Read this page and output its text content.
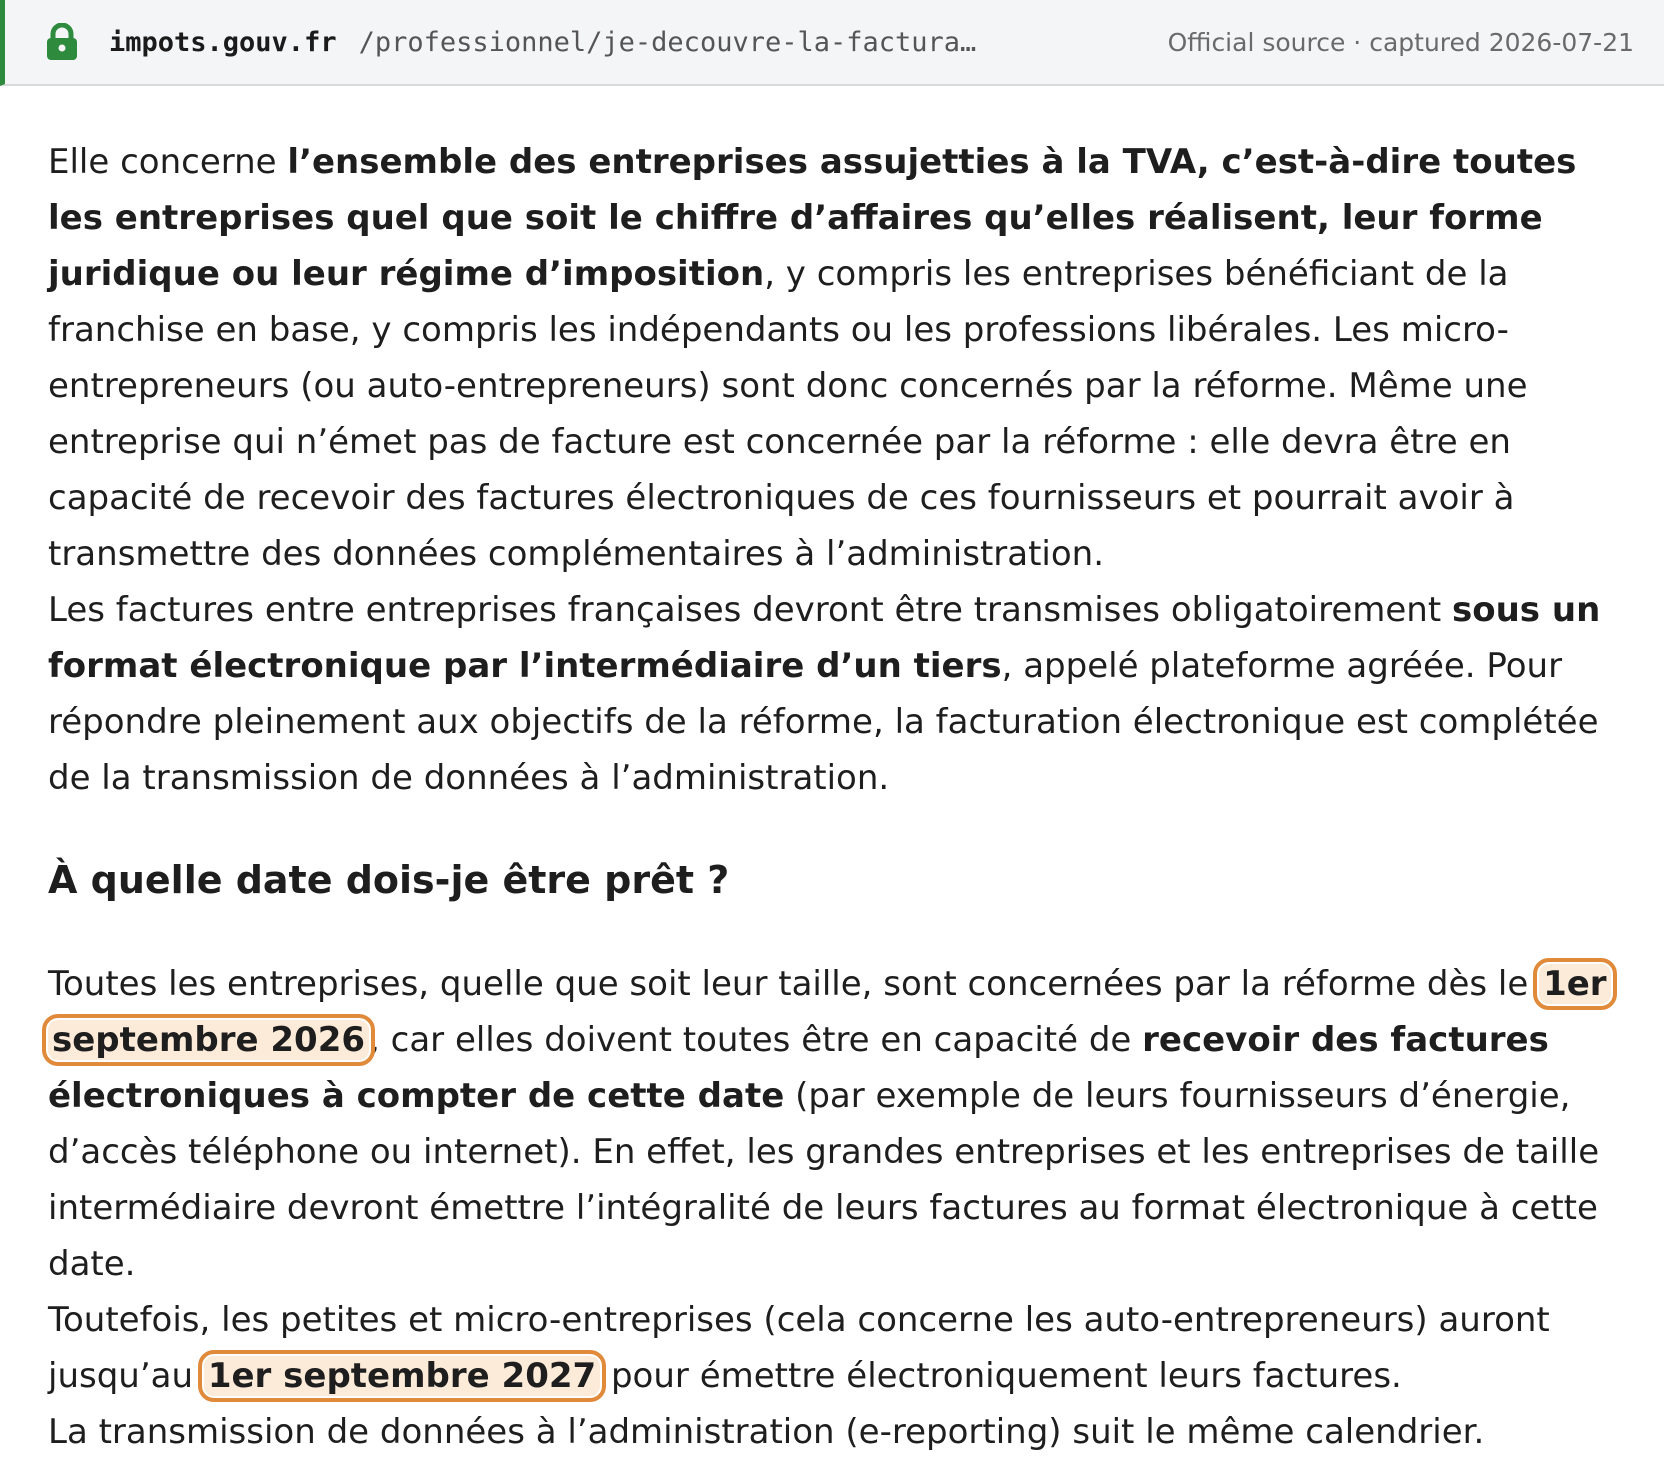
impots.gouv.fr /professionnel/je-decouvre-la-factura…	Official source · captured 2026-07-21

Elle concerne l’ensemble des entreprises assujetties à la TVA, c’est-à-dire toutes les entreprises quel que soit le chiffre d’affaires qu’elles réalisent, leur forme juridique ou leur régime d’imposition, y compris les entreprises bénéficiant de la franchise en base, y compris les indépendants ou les professions libérales. Les micro-entrepreneurs (ou auto-entrepreneurs) sont donc concernés par la réforme. Même une entreprise qui n’émet pas de facture est concernée par la réforme : elle devra être en capacité de recevoir des factures électroniques de ces fournisseurs et pourrait avoir à transmettre des données complémentaires à l’administration.

Les factures entre entreprises françaises devront être transmises obligatoirement sous un format électronique par l’intermédiaire d’un tiers, appelé plateforme agréée. Pour répondre pleinement aux objectifs de la réforme, la facturation électronique est complétée de la transmission de données à l’administration.

À quelle date dois-je être prêt ?

Toutes les entreprises, quelle que soit leur taille, sont concernées par la réforme dès le 1er septembre 2026 , car elles doivent toutes être en capacité de recevoir des factures électroniques à compter de cette date (par exemple de leurs fournisseurs d’énergie, d’accès téléphone ou internet). En effet, les grandes entreprises et les entreprises de taille intermédiaire devront émettre l’intégralité de leurs factures au format électronique à cette date.

Toutefois, les petites et micro-entreprises (cela concerne les auto-entrepreneurs) auront jusqu’au 1er septembre 2027 pour émettre électroniquement leurs factures.

La transmission de données à l’administration (e-reporting) suit le même calendrier.
